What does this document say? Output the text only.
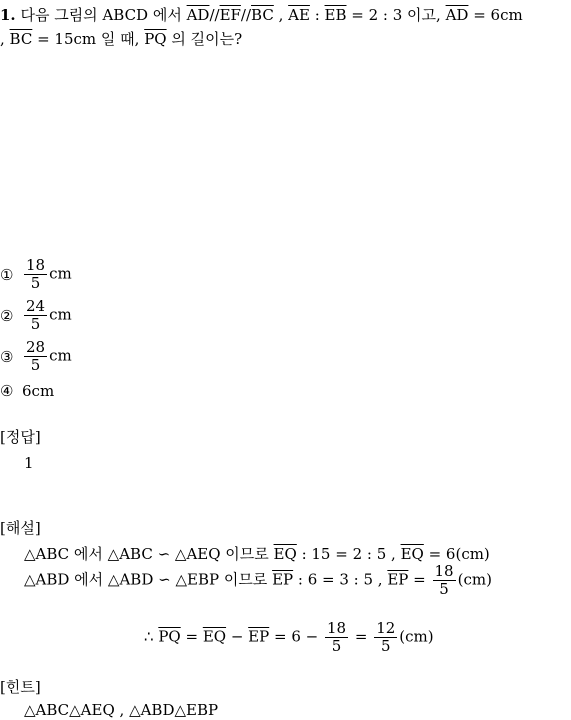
1. 다음 그림의 ABCD 에서 $\overline{AD}//\overline{EF}//\overline{BC}$ , $\overline{AE}$ : $\overline{EB} = 2$ : 3 이고, $\overline{AD} = 6cm$
, $\overline{BC} = 15cm$ 일 때, $\overline{PQ}$ 의 길이는?
① $\frac{18}{5}$ cm
② $\frac{24}{5}$ cm
③ $\frac{28}{5}$ cm
④ 6cm
[정답]
1
[해설]
△ABC 에서 △ABC ∽ △AEQ 이므로 $\overline{EQ}$ : 15 = 2 : 5 , $\overline{EQ} = 6(cm)$
△ABD 에서 △ABD ∽ △EBP 이므로 $\overline{EP}$ : 6 = 3 : 5 , $\overline{EP} = \frac{18}{5} (cm)$
∴ $\overline{PQ} = \overline{EQ} - \overline{EP} = 6 - \frac{18}{5} = \frac{12}{5} (cm)$
[힌트]
△ABC△AEQ , △ABD△EBP
